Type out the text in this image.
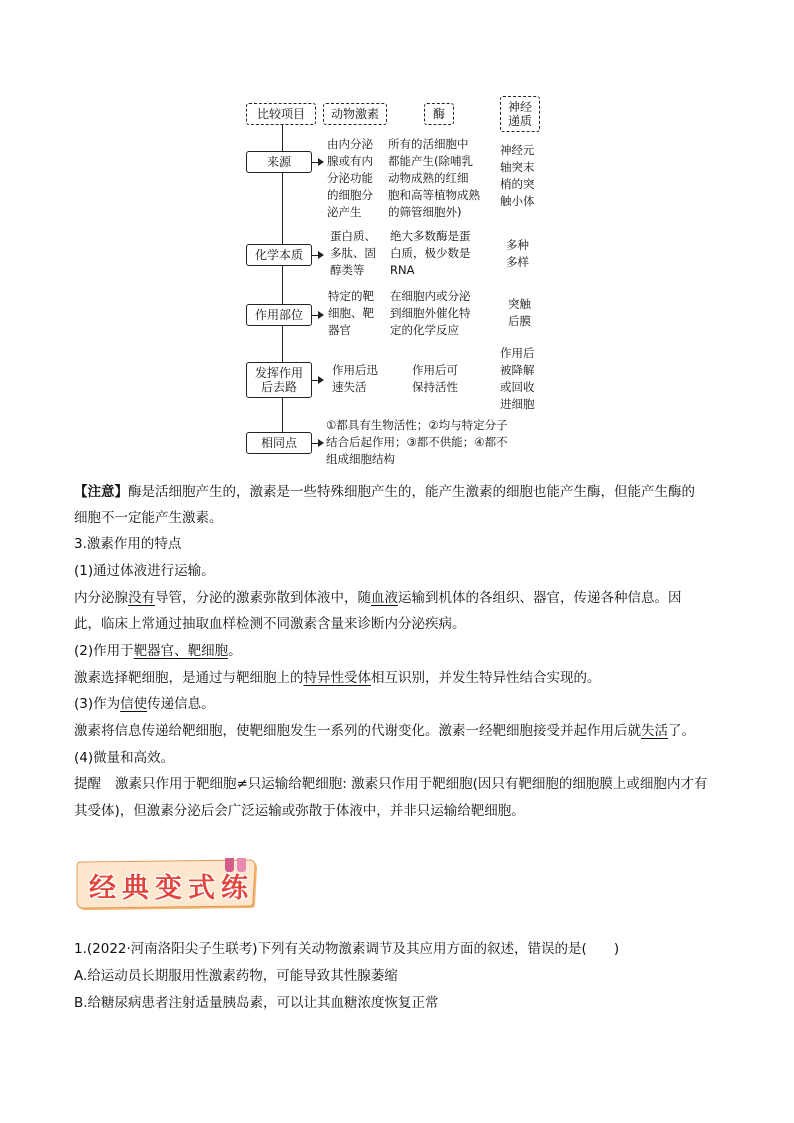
比较项目 动物激素	酶
神经
递质
来源
由内分泌
腺或有内
分泌功能
的细胞分
泌产生
所有的活细胞中
都能产生(除哺乳
动物成熟的红细
胞和高等植物成熟
的筛管细胞外)
神经元
轴突末
梢的突
触小体
化学本质
蛋白质、
多肽、固
醇类等
绝大多数酶是蛋
白质，极少数是
RNA
多种
多样
作用部位
特定的靶
细胞、靶
器官
在细胞内或分泌
到细胞外催化特
定的化学反应
突触
后膜
发挥作用
后去路
作用后迅
速失活
作用后可
保持活性
作用后
被降解
或回收
进细胞
相同点
①都具有生物活性；②均与特定分子
结合后起作用；③都不供能；④都不
组成细胞结构
【注意】酶是活细胞产生的，激素是一些特殊细胞产生的，能产生激素的细胞也能产生酶，但能产生酶的
细胞不一定能产生激素。
3.激素作用的特点
(1)通过体液进行运输。
内分泌腺没有导管，分泌的激素弥散到体液中，随血液运输到机体的各组织、器官，传递各种信息。因
此，临床上常通过抽取血样检测不同激素含量来诊断内分泌疾病。
(2)作用于靶器官、靶细胞。
激素选择靶细胞，是通过与靶细胞上的特异性受体相互识别，并发生特异性结合实现的。
(3)作为信使传递信息。
激素将信息传递给靶细胞，使靶细胞发生一系列的代谢变化。激素一经靶细胞接受并起作用后就失活了。
(4)微量和高效。
提醒 激素只作用于靶细胞≠只运输给靶细胞: 激素只作用于靶细胞(因只有靶细胞的细胞膜上或细胞内才有
其受体)，但激素分泌后会广泛运输或弥散于体液中，并非只运输给靶细胞。
经典变式练
1.(2022·河南洛阳尖子生联考)下列有关动物激素调节及其应用方面的叙述，错误的是(　　)
A.给运动员长期服用性激素药物，可能导致其性腺萎缩
B.给糖尿病患者注射适量胰岛素，可以让其血糖浓度恢复正常
